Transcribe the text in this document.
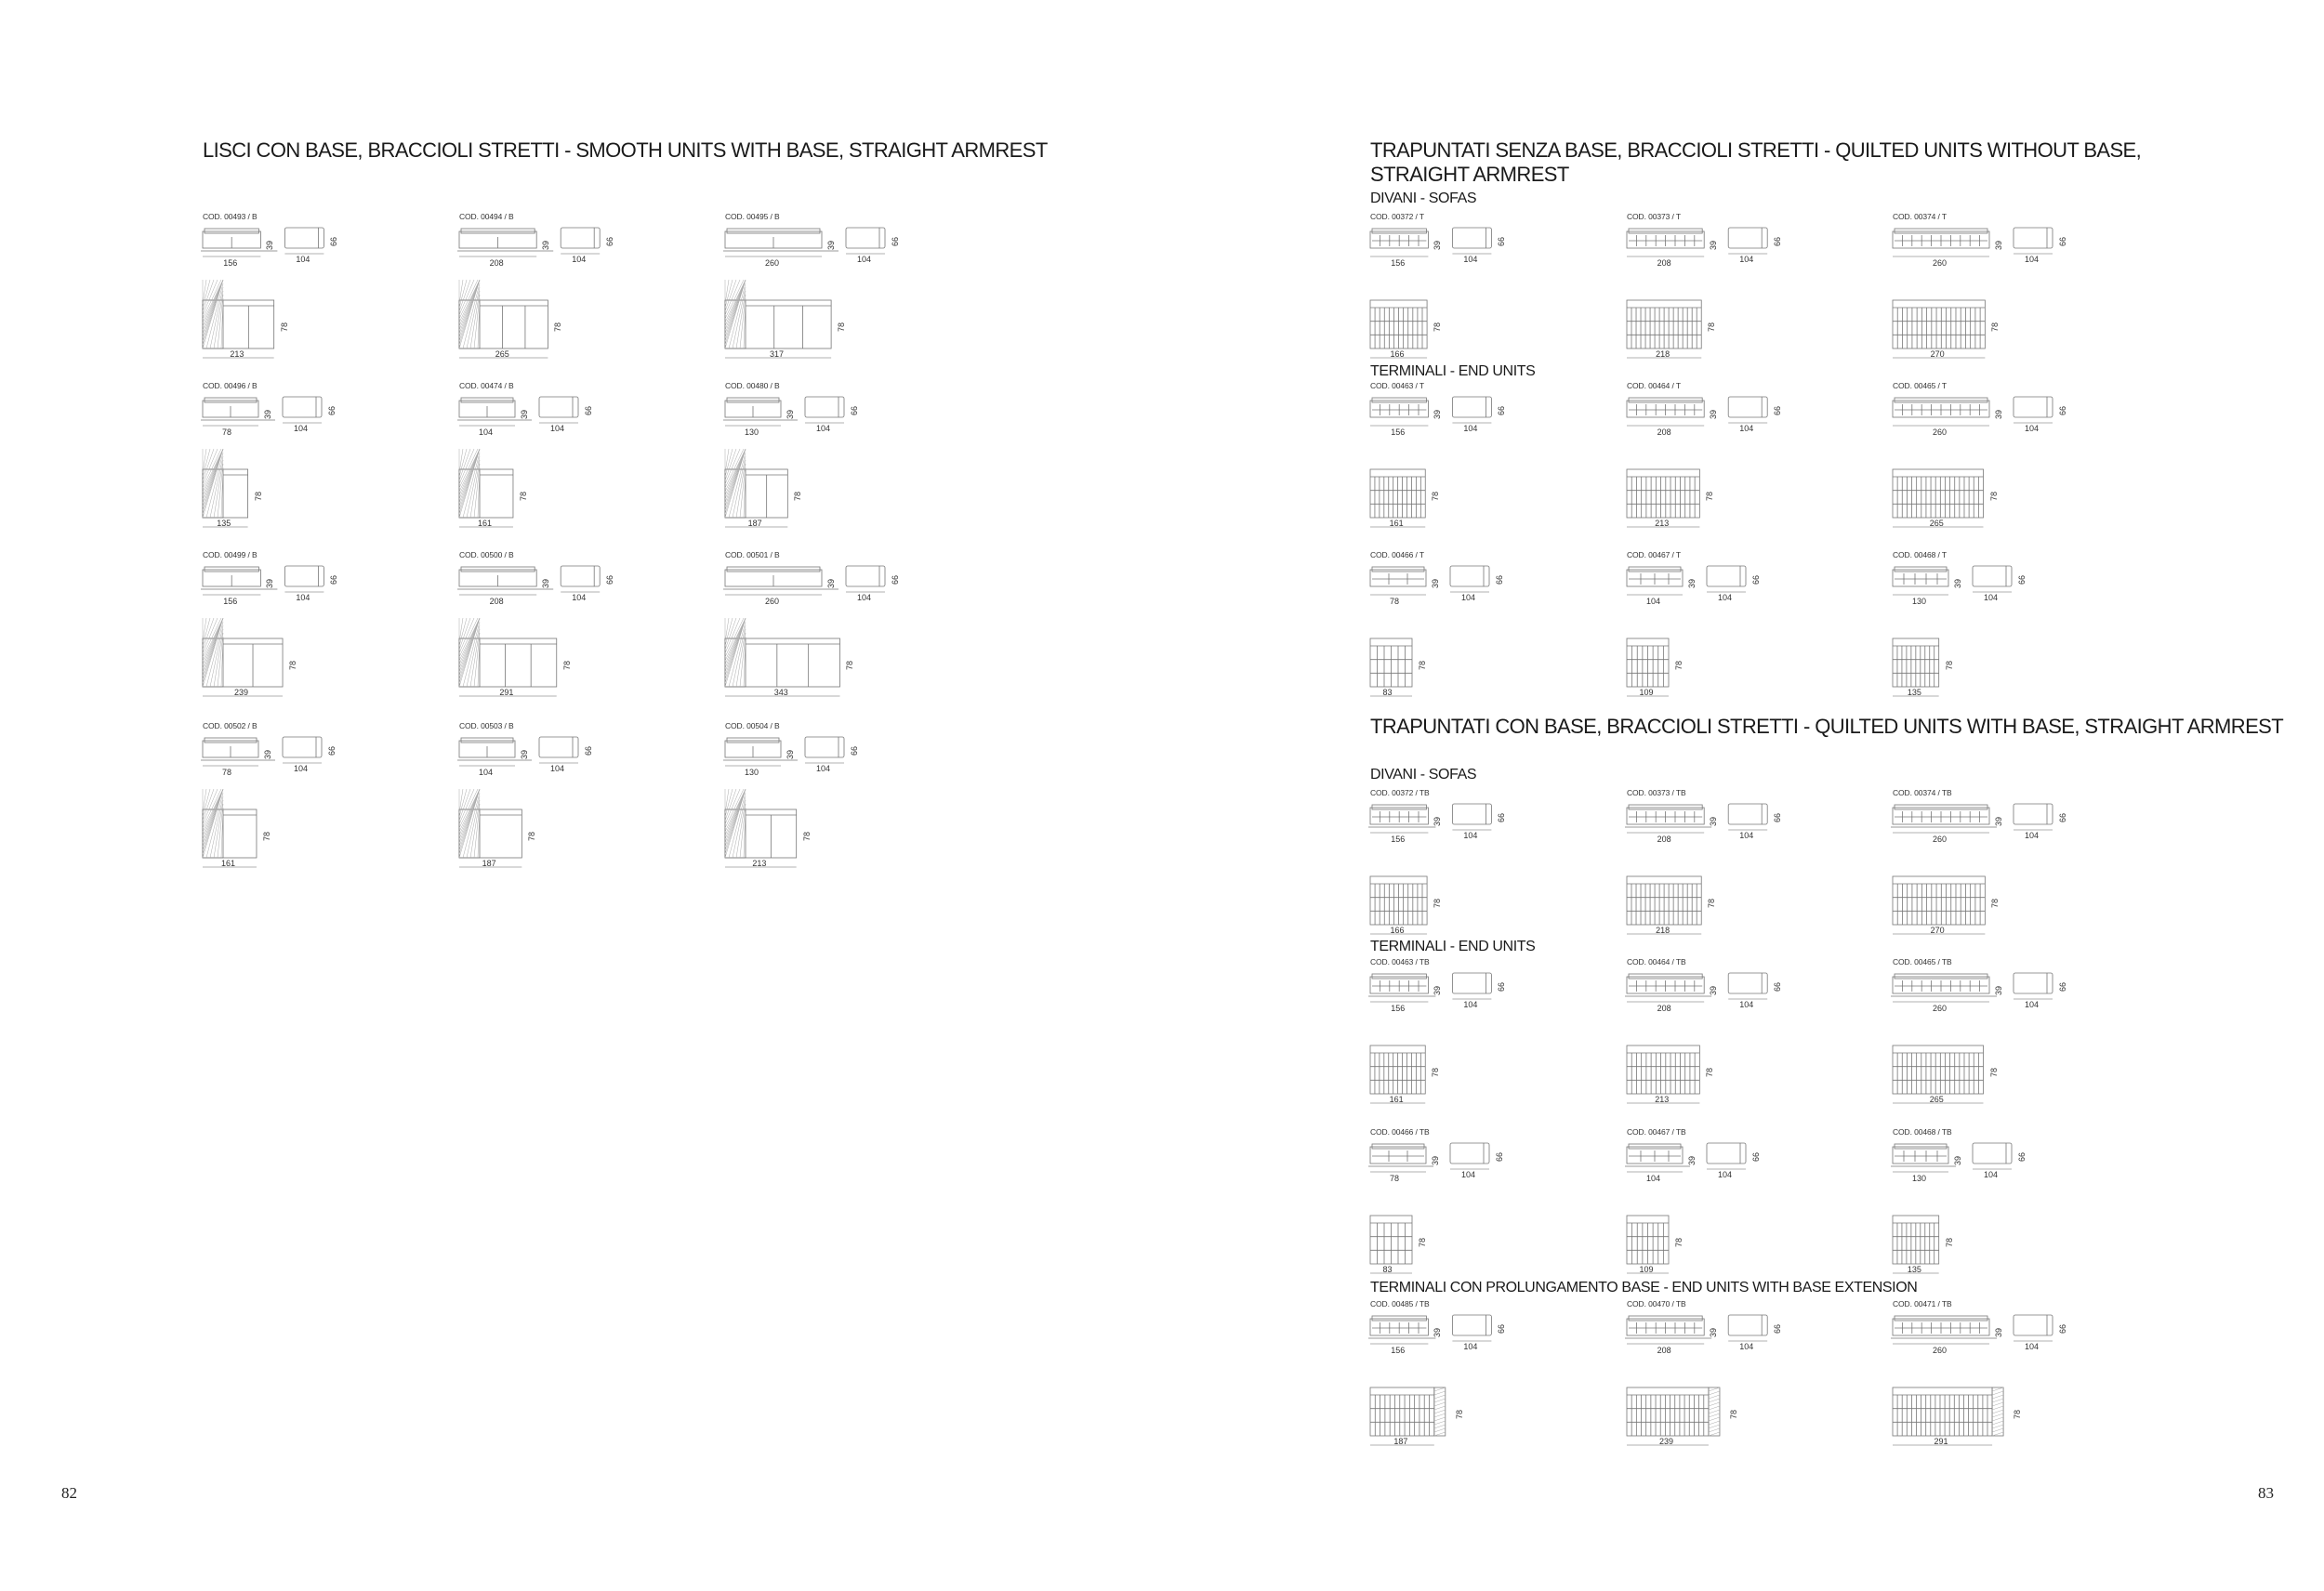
LISCI CON BASE, BRACCIOLI STRETTI - SMOOTH UNITS WITH BASE, STRAIGHT ARMREST
COD. 00493 / B
156
39
104
66
213
78
COD. 00494 / B
208
39
104
66
265
78
COD. 00495 / B
260
39
104
66
317
78
COD. 00496 / B
78
39
104
66
135
78
COD. 00474 / B
104
39
104
66
161
78
COD. 00480 / B
130
39
104
66
187
78
COD. 00499 / B
156
39
104
66
239
78
COD. 00500 / B
208
39
104
66
291
78
COD. 00501 / B
260
39
104
66
343
78
COD. 00502 / B
78
39
104
66
161
78
COD. 00503 / B
104
39
104
66
187
78
COD. 00504 / B
130
39
104
66
213
78
82
TRAPUNTATI SENZA BASE, BRACCIOLI STRETTI - QUILTED UNITS WITHOUT BASE,
STRAIGHT ARMREST
DIVANI - SOFAS
TERMINALI - END UNITS
COD. 00372 / T
156
39
104
66
166
78
COD. 00373 / T
208
39
104
66
218
78
COD. 00374 / T
260
39
104
66
270
78
COD. 00463 / T
156
39
104
66
161
78
COD. 00464 / T
208
39
104
66
213
78
COD. 00465 / T
260
39
104
66
265
78
COD. 00466 / T
78
39
104
66
83
78
COD. 00467 / T
104
39
104
66
109
78
COD. 00468 / T
130
39
104
66
135
78
TRAPUNTATI CON BASE, BRACCIOLI STRETTI - QUILTED UNITS WITH BASE, STRAIGHT ARMREST
DIVANI - SOFAS
TERMINALI - END UNITS
TERMINALI CON PROLUNGAMENTO BASE - END UNITS WITH BASE EXTENSION
COD. 00372 / TB
156
39
104
66
166
78
COD. 00373 / TB
208
39
104
66
218
78
COD. 00374 / TB
260
39
104
66
270
78
COD. 00463 / TB
156
39
104
66
161
78
COD. 00464 / TB
208
39
104
66
213
78
COD. 00465 / TB
260
39
104
66
265
78
COD. 00466 / TB
78
39
104
66
83
78
COD. 00467 / TB
104
39
104
66
109
78
COD. 00468 / TB
130
39
104
66
135
78
COD. 00485 / TB
156
39
104
66
187
78
COD. 00470 / TB
208
39
104
66
239
78
COD. 00471 / TB
260
39
104
66
291
78
83
